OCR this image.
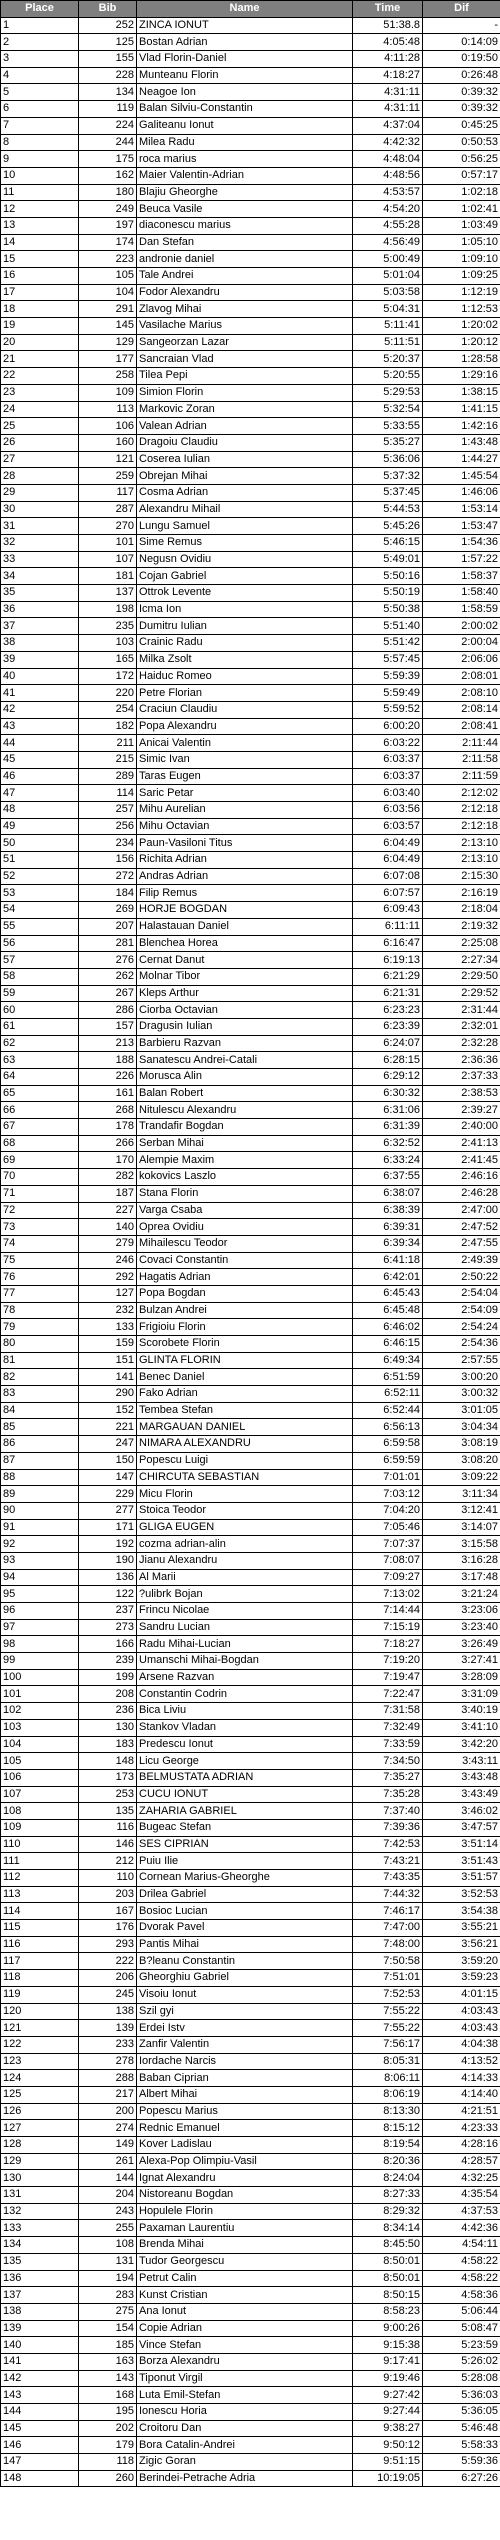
Place	Bib	Name	Time	Dif
1	252	ZINCA IONUT	51:38.8	-
2	125	Bostan Adrian	4:05:48	0:14:09
3	155	Vlad Florin-Daniel	4:11:28	0:19:50
4	228	Munteanu Florin	4:18:27	0:26:48
5	134	Neagoe Ion	4:31:11	0:39:32
6	119	Balan Silviu-Constantin	4:31:11	0:39:32
7	224	Galiteanu Ionut	4:37:04	0:45:25
8	244	Milea Radu	4:42:32	0:50:53
9	175	roca marius	4:48:04	0:56:25
10	162	Maier Valentin-Adrian	4:48:56	0:57:17
11	180	Blajiu Gheorghe	4:53:57	1:02:18
12	249	Beuca Vasile	4:54:20	1:02:41
13	197	diaconescu marius	4:55:28	1:03:49
14	174	Dan Stefan	4:56:49	1:05:10
15	223	andronie daniel	5:00:49	1:09:10
16	105	Tale Andrei	5:01:04	1:09:25
17	104	Fodor Alexandru	5:03:58	1:12:19
18	291	Zlavog Mihai	5:04:31	1:12:53
19	145	Vasilache Marius	5:11:41	1:20:02
20	129	Sangeorzan Lazar	5:11:51	1:20:12
21	177	Sancraian Vlad	5:20:37	1:28:58
22	258	Tilea Pepi	5:20:55	1:29:16
23	109	Simion Florin	5:29:53	1:38:15
24	113	Markovic Zoran	5:32:54	1:41:15
25	106	Valean Adrian	5:33:55	1:42:16
26	160	Dragoiu Claudiu	5:35:27	1:43:48
27	121	Coserea Iulian	5:36:06	1:44:27
28	259	Obrejan Mihai	5:37:32	1:45:54
29	117	Cosma Adrian	5:37:45	1:46:06
30	287	Alexandru Mihail	5:44:53	1:53:14
31	270	Lungu Samuel	5:45:26	1:53:47
32	101	Sime Remus	5:46:15	1:54:36
33	107	Negusn Ovidiu	5:49:01	1:57:22
34	181	Cojan Gabriel	5:50:16	1:58:37
35	137	Ottrok Levente	5:50:19	1:58:40
36	198	Icma Ion	5:50:38	1:58:59
37	235	Dumitru Iulian	5:51:40	2:00:02
38	103	Crainic Radu	5:51:42	2:00:04
39	165	Milka Zsolt	5:57:45	2:06:06
40	172	Haiduc Romeo	5:59:39	2:08:01
41	220	Petre Florian	5:59:49	2:08:10
42	254	Craciun Claudiu	5:59:52	2:08:14
43	182	Popa Alexandru	6:00:20	2:08:41
44	211	Anicai Valentin	6:03:22	2:11:44
45	215	Simic Ivan	6:03:37	2:11:58
46	289	Taras Eugen	6:03:37	2:11:59
47	114	Saric Petar	6:03:40	2:12:02
48	257	Mihu Aurelian	6:03:56	2:12:18
49	256	Mihu Octavian	6:03:57	2:12:18
50	234	Paun-Vasiloni Titus	6:04:49	2:13:10
51	156	Richita Adrian	6:04:49	2:13:10
52	272	Andras Adrian	6:07:08	2:15:30
53	184	Filip Remus	6:07:57	2:16:19
54	269	HORJE BOGDAN	6:09:43	2:18:04
55	207	Halastauan Daniel	6:11:11	2:19:32
56	281	Blenchea Horea	6:16:47	2:25:08
57	276	Cernat Danut	6:19:13	2:27:34
58	262	Molnar Tibor	6:21:29	2:29:50
59	267	Kleps Arthur	6:21:31	2:29:52
60	286	Ciorba Octavian	6:23:23	2:31:44
61	157	Dragusin Iulian	6:23:39	2:32:01
62	213	Barbieru Razvan	6:24:07	2:32:28
63	188	Sanatescu Andrei-Catali	6:28:15	2:36:36
64	226	Morusca Alin	6:29:12	2:37:33
65	161	Balan Robert	6:30:32	2:38:53
66	268	Nitulescu Alexandru	6:31:06	2:39:27
67	178	Trandafir Bogdan	6:31:39	2:40:00
68	266	Serban Mihai	6:32:52	2:41:13
69	170	Alempie Maxim	6:33:24	2:41:45
70	282	kokovics Laszlo	6:37:55	2:46:16
71	187	Stana Florin	6:38:07	2:46:28
72	227	Varga Csaba	6:38:39	2:47:00
73	140	Oprea Ovidiu	6:39:31	2:47:52
74	279	Mihailescu Teodor	6:39:34	2:47:55
75	246	Covaci Constantin	6:41:18	2:49:39
76	292	Hagatis Adrian	6:42:01	2:50:22
77	127	Popa Bogdan	6:45:43	2:54:04
78	232	Bulzan Andrei	6:45:48	2:54:09
79	133	Frigioiu Florin	6:46:02	2:54:24
80	159	Scorobete Florin	6:46:15	2:54:36
81	151	GLINTA FLORIN	6:49:34	2:57:55
82	141	Benec Daniel	6:51:59	3:00:20
83	290	Fako Adrian	6:52:11	3:00:32
84	152	Tembea Stefan	6:52:44	3:01:05
85	221	MARGAUAN DANIEL	6:56:13	3:04:34
86	247	NIMARA ALEXANDRU	6:59:58	3:08:19
87	150	Popescu Luigi	6:59:59	3:08:20
88	147	CHIRCUTA SEBASTIAN	7:01:01	3:09:22
89	229	Micu Florin	7:03:12	3:11:34
90	277	Stoica Teodor	7:04:20	3:12:41
91	171	GLIGA EUGEN	7:05:46	3:14:07
92	192	cozma adrian-alin	7:07:37	3:15:58
93	190	Jianu Alexandru	7:08:07	3:16:28
94	136	Al Marii	7:09:27	3:17:48
95	122	?ulibrk Bojan	7:13:02	3:21:24
96	237	Frincu Nicolae	7:14:44	3:23:06
97	273	Sandru Lucian	7:15:19	3:23:40
98	166	Radu Mihai-Lucian	7:18:27	3:26:49
99	239	Umanschi Mihai-Bogdan	7:19:20	3:27:41
100	199	Arsene Razvan	7:19:47	3:28:09
101	208	Constantin Codrin	7:22:47	3:31:09
102	236	Bica Liviu	7:31:58	3:40:19
103	130	Stankov Vladan	7:32:49	3:41:10
104	183	Predescu Ionut	7:33:59	3:42:20
105	148	Licu George	7:34:50	3:43:11
106	173	BELMUSTATA ADRIAN	7:35:27	3:43:48
107	253	CUCU IONUT	7:35:28	3:43:49
108	135	ZAHARIA GABRIEL	7:37:40	3:46:02
109	116	Bugeac Stefan	7:39:36	3:47:57
110	146	SES CIPRIAN	7:42:53	3:51:14
111	212	Puiu Ilie	7:43:21	3:51:43
112	110	Cornean Marius-Gheorghe	7:43:35	3:51:57
113	203	Drilea Gabriel	7:44:32	3:52:53
114	167	Bosioc Lucian	7:46:17	3:54:38
115	176	Dvorak Pavel	7:47:00	3:55:21
116	293	Pantis Mihai	7:48:00	3:56:21
117	222	B?leanu Constantin	7:50:58	3:59:20
118	206	Gheorghiu Gabriel	7:51:01	3:59:23
119	245	Visoiu Ionut	7:52:53	4:01:15
120	138	Szil gyi	7:55:22	4:03:43
121	139	Erdei Istv	7:55:22	4:03:43
122	233	Zanfir Valentin	7:56:17	4:04:38
123	278	Iordache Narcis	8:05:31	4:13:52
124	288	Baban Ciprian	8:06:11	4:14:33
125	217	Albert Mihai	8:06:19	4:14:40
126	200	Popescu Marius	8:13:30	4:21:51
127	274	Rednic Emanuel	8:15:12	4:23:33
128	149	Kover Ladislau	8:19:54	4:28:16
129	261	Alexa-Pop Olimpiu-Vasil	8:20:36	4:28:57
130	144	Ignat Alexandru	8:24:04	4:32:25
131	204	Nistoreanu Bogdan	8:27:33	4:35:54
132	243	Hopulele Florin	8:29:32	4:37:53
133	255	Paxaman Laurentiu	8:34:14	4:42:36
134	108	Brenda Mihai	8:45:50	4:54:11
135	131	Tudor Georgescu	8:50:01	4:58:22
136	194	Petrut Calin	8:50:01	4:58:22
137	283	Kunst Cristian	8:50:15	4:58:36
138	275	Ana Ionut	8:58:23	5:06:44
139	154	Copie Adrian	9:00:26	5:08:47
140	185	Vince Stefan	9:15:38	5:23:59
141	163	Borza Alexandru	9:17:41	5:26:02
142	143	Tiponut Virgil	9:19:46	5:28:08
143	168	Luta Emil-Stefan	9:27:42	5:36:03
144	195	Ionescu Horia	9:27:44	5:36:05
145	202	Croitoru Dan	9:38:27	5:46:48
146	179	Bora Catalin-Andrei	9:50:12	5:58:33
147	118	Zigic Goran	9:51:15	5:59:36
148	260	Berindei-Petrache Adria	10:19:05	6:27:26
